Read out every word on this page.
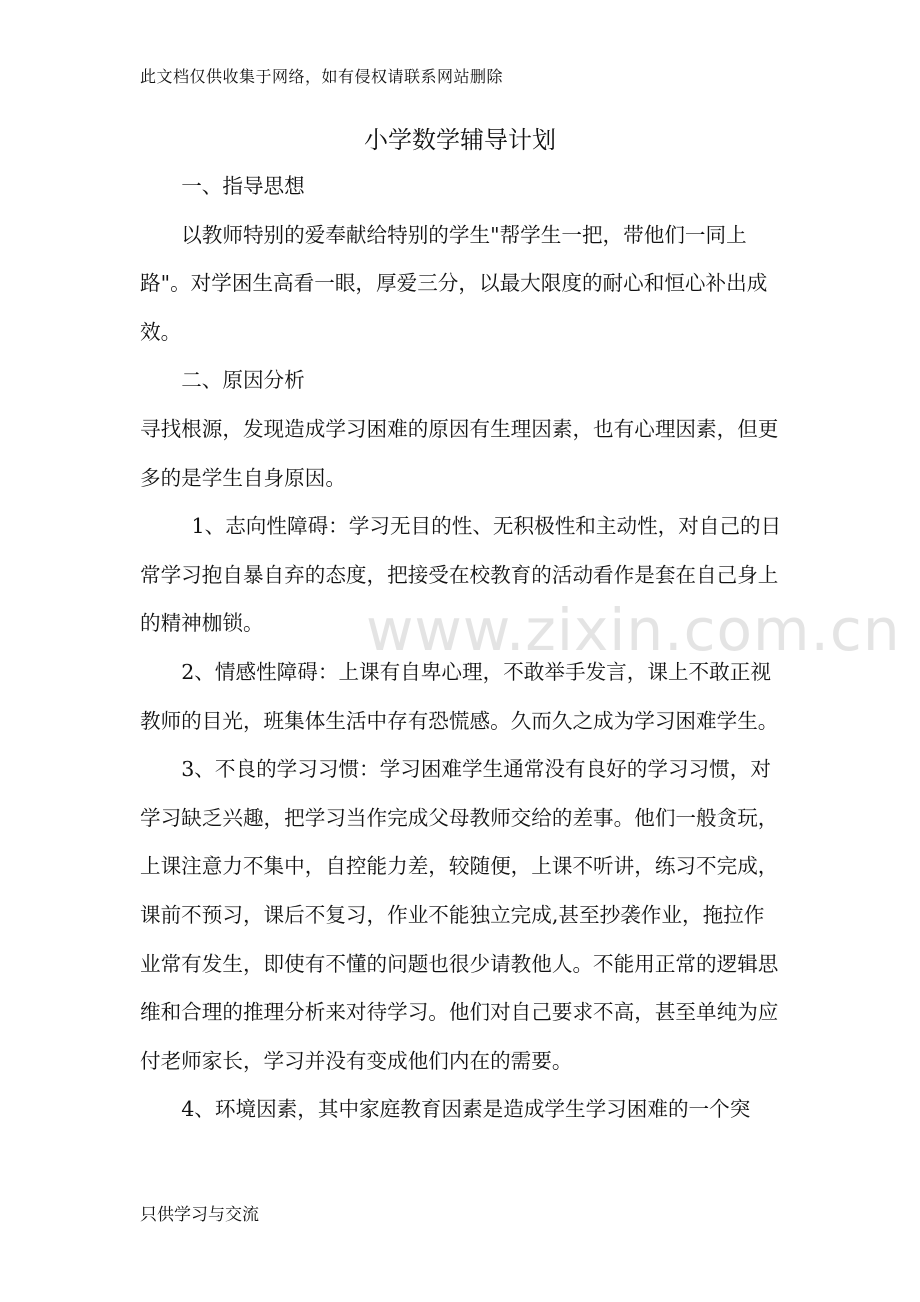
此文档仅供收集于网络，如有侵权请联系网站删除
小学数学辅导计划

一、指导思想

以教师特别的爱奉献给特别的学生"帮学生一把，带他们一同上路"。对学困生高看一眼，厚爱三分，以最大限度的耐心和恒心补出成效。

二、原因分析

寻找根源，发现造成学习困难的原因有生理因素，也有心理因素，但更多的是学生自身原因。

1、志向性障碍：学习无目的性、无积极性和主动性，对自己的日常学习抱自暴自弃的态度，把接受在校教育的活动看作是套在自己身上的精神枷锁。

2、情感性障碍：上课有自卑心理，不敢举手发言，课上不敢正视教师的目光，班集体生活中存有恐慌感。久而久之成为学习困难学生。

3、不良的学习习惯：学习困难学生通常没有良好的学习习惯，对学习缺乏兴趣，把学习当作完成父母教师交给的差事。他们一般贪玩，上课注意力不集中，自控能力差，较随便，上课不听讲，练习不完成，课前不预习，课后不复习，作业不能独立完成,甚至抄袭作业，拖拉作业常有发生，即使有不懂的问题也很少请教他人。不能用正常的逻辑思维和合理的推理分析来对待学习。他们对自己要求不高，甚至单纯为应付老师家长，学习并没有变成他们内在的需要。

4、环境因素，其中家庭教育因素是造成学生学习困难的一个突

www.zixin.com.cn
只供学习与交流
